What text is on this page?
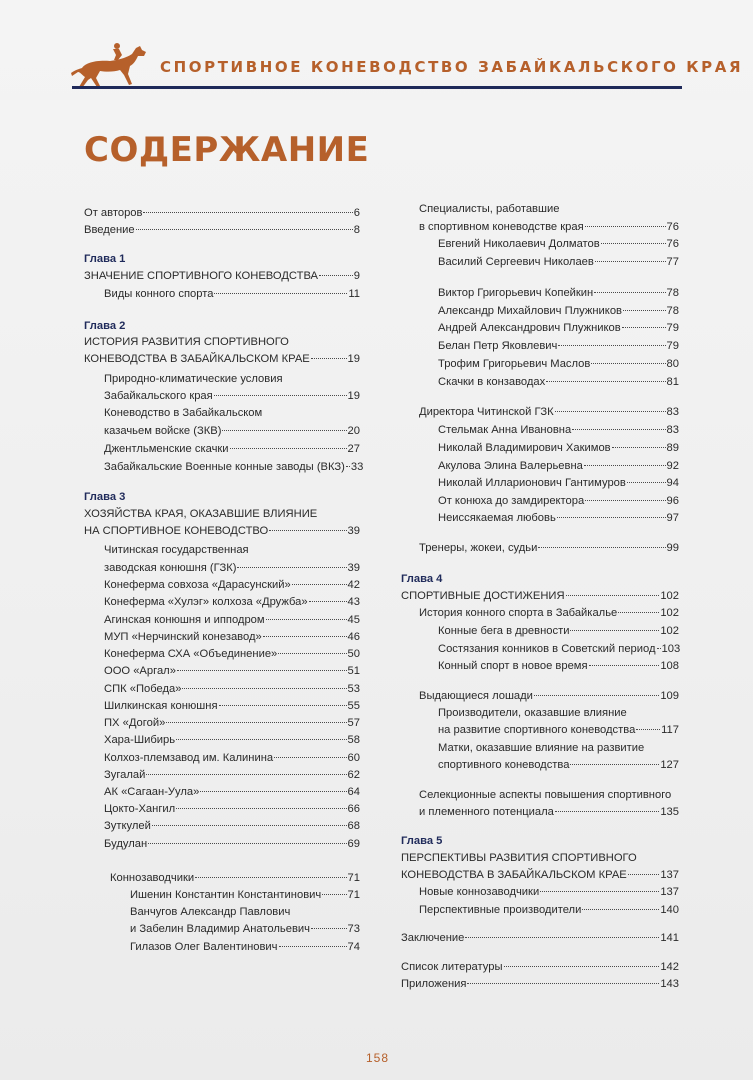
СПОРТИВНОЕ КОНЕВОДСТВО ЗАБАЙКАЛЬСКОГО КРАЯ
СОДЕРЖАНИЕ
От авторов	6
Введение	8
Глава 1
ЗНАЧЕНИЕ СПОРТИВНОГО КОНЕВОДСТВА	9
Виды конного спорта	11
Глава 2
ИСТОРИЯ РАЗВИТИЯ СПОРТИВНОГО
КОНЕВОДСТВА В ЗАБАЙКАЛЬСКОМ КРАЕ	19
Природно-климатические условия
Забайкальского края	19
Коневодство в Забайкальском
казачьем войске (ЗКВ)	20
Джентльменские скачки	27
Забайкальские Военные конные заводы (ВКЗ) 33
Глава 3
ХОЗЯЙСТВА КРАЯ, ОКАЗАВШИЕ ВЛИЯНИЕ
НА СПОРТИВНОЕ КОНЕВОДСТВО	39
Читинская государственная
заводская конюшня (ГЗК)	39
Конеферма совхоза «Дарасунский»	42
Конеферма «Хулэг» колхоза «Дружба»	43
Агинская конюшня и ипподром	45
МУП «Нерчинский конезавод»	46
Конеферма СХА «Объединение»	50
ООО «Аргал»	51
СПК «Победа»	53
Шилкинская конюшня	55
ПХ «Догой»	57
Хара-Шибирь	58
Колхоз-племзавод им. Калинина	60
Зугалай	62
АК «Сагаан-Уула»	64
Цокто-Хангил	66
Зуткулей	68
Будулан	69
Коннозаводчики	71
Ишенин Константин Константинович 71
Ванчугов Александр Павлович
и Забелин Владимир Анатольевич	73
Гилазов Олег Валентинович	74
Специалисты, работавшие
в спортивном коневодстве края	76
Евгений Николаевич Долматов	76
Василий Сергеевич Николаев	77
Виктор Григорьевич Копейкин	78
Александр Михайлович Плужников	78
Андрей Александрович Плужников	79
Белан Петр Яковлевич	79
Трофим Григорьевич Маслов	80
Скачки в конзаводах	81
Директора Читинской ГЗК	83
Стельмак Анна Ивановна	83
Николай Владимирович Хакимов	89
Акулова Элина Валерьевна	92
Николай Илларионович Гантимуров	94
От конюха до замдиректора	96
Неиссякаемая любовь	97
Тренеры, жокеи, судьи	99
Глава 4
СПОРТИВНЫЕ ДОСТИЖЕНИЯ	102
История конного спорта в Забайкалье	102
Конные бега в древности	102
Состязания конников в Советский период 103
Конный спорт в новое время	108
Выдающиеся лошади	109
Производители, оказавшие влияние
на развитие спортивного коневодства 117
Матки, оказавшие влияние на развитие
спортивного коневодства	127
Селекционные аспекты повышения спортивного
и племенного потенциала	135
Глава 5
ПЕРСПЕКТИВЫ РАЗВИТИЯ СПОРТИВНОГО
КОНЕВОДСТВА В ЗАБАЙКАЛЬСКОМ КРАЕ	137
Новые коннозаводчики	137
Перспективные производители	140
Заключение	141
Список литературы	142
Приложения	143
158
